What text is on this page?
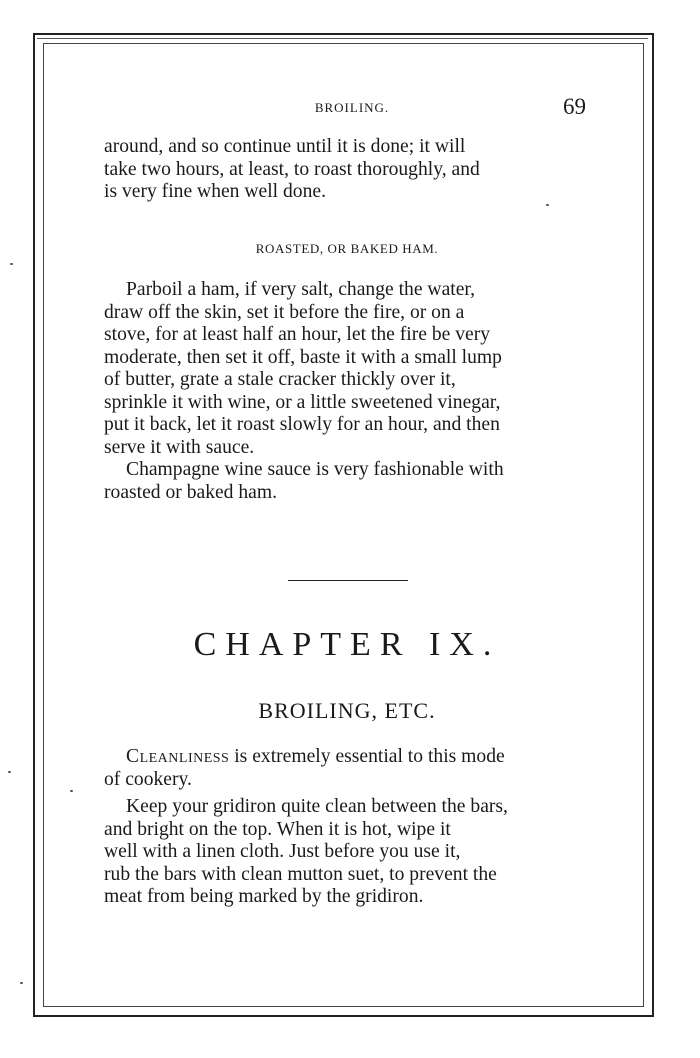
BROILING.	69

around, and so continue until it is done; it will

take two hours, at least, to roast thoroughly, and

is very fine when well done.

ROASTED, OR BAKED HAM.

Parboil a ham, if very salt, change the water,

draw off the skin, set it before the fire, or on a

stove, for at least half an hour, let the fire be very

moderate, then set it off, baste it with a small lump

of butter, grate a stale cracker thickly over it,

sprinkle it with wine, or a little sweetened vinegar,

put it back, let it roast slowly for an hour, and then

serve it with sauce.

Champagne wine sauce is very fashionable with

roasted or baked ham.

CHAPTER IX.
BROILING, ETC.

Cleanliness is extremely essential to this mode

of cookery.

Keep your gridiron quite clean between the bars,

and bright on the top. When it is hot, wipe it

well with a linen cloth. Just before you use it,

rub the bars with clean mutton suet, to prevent the

meat from being marked by the gridiron.
